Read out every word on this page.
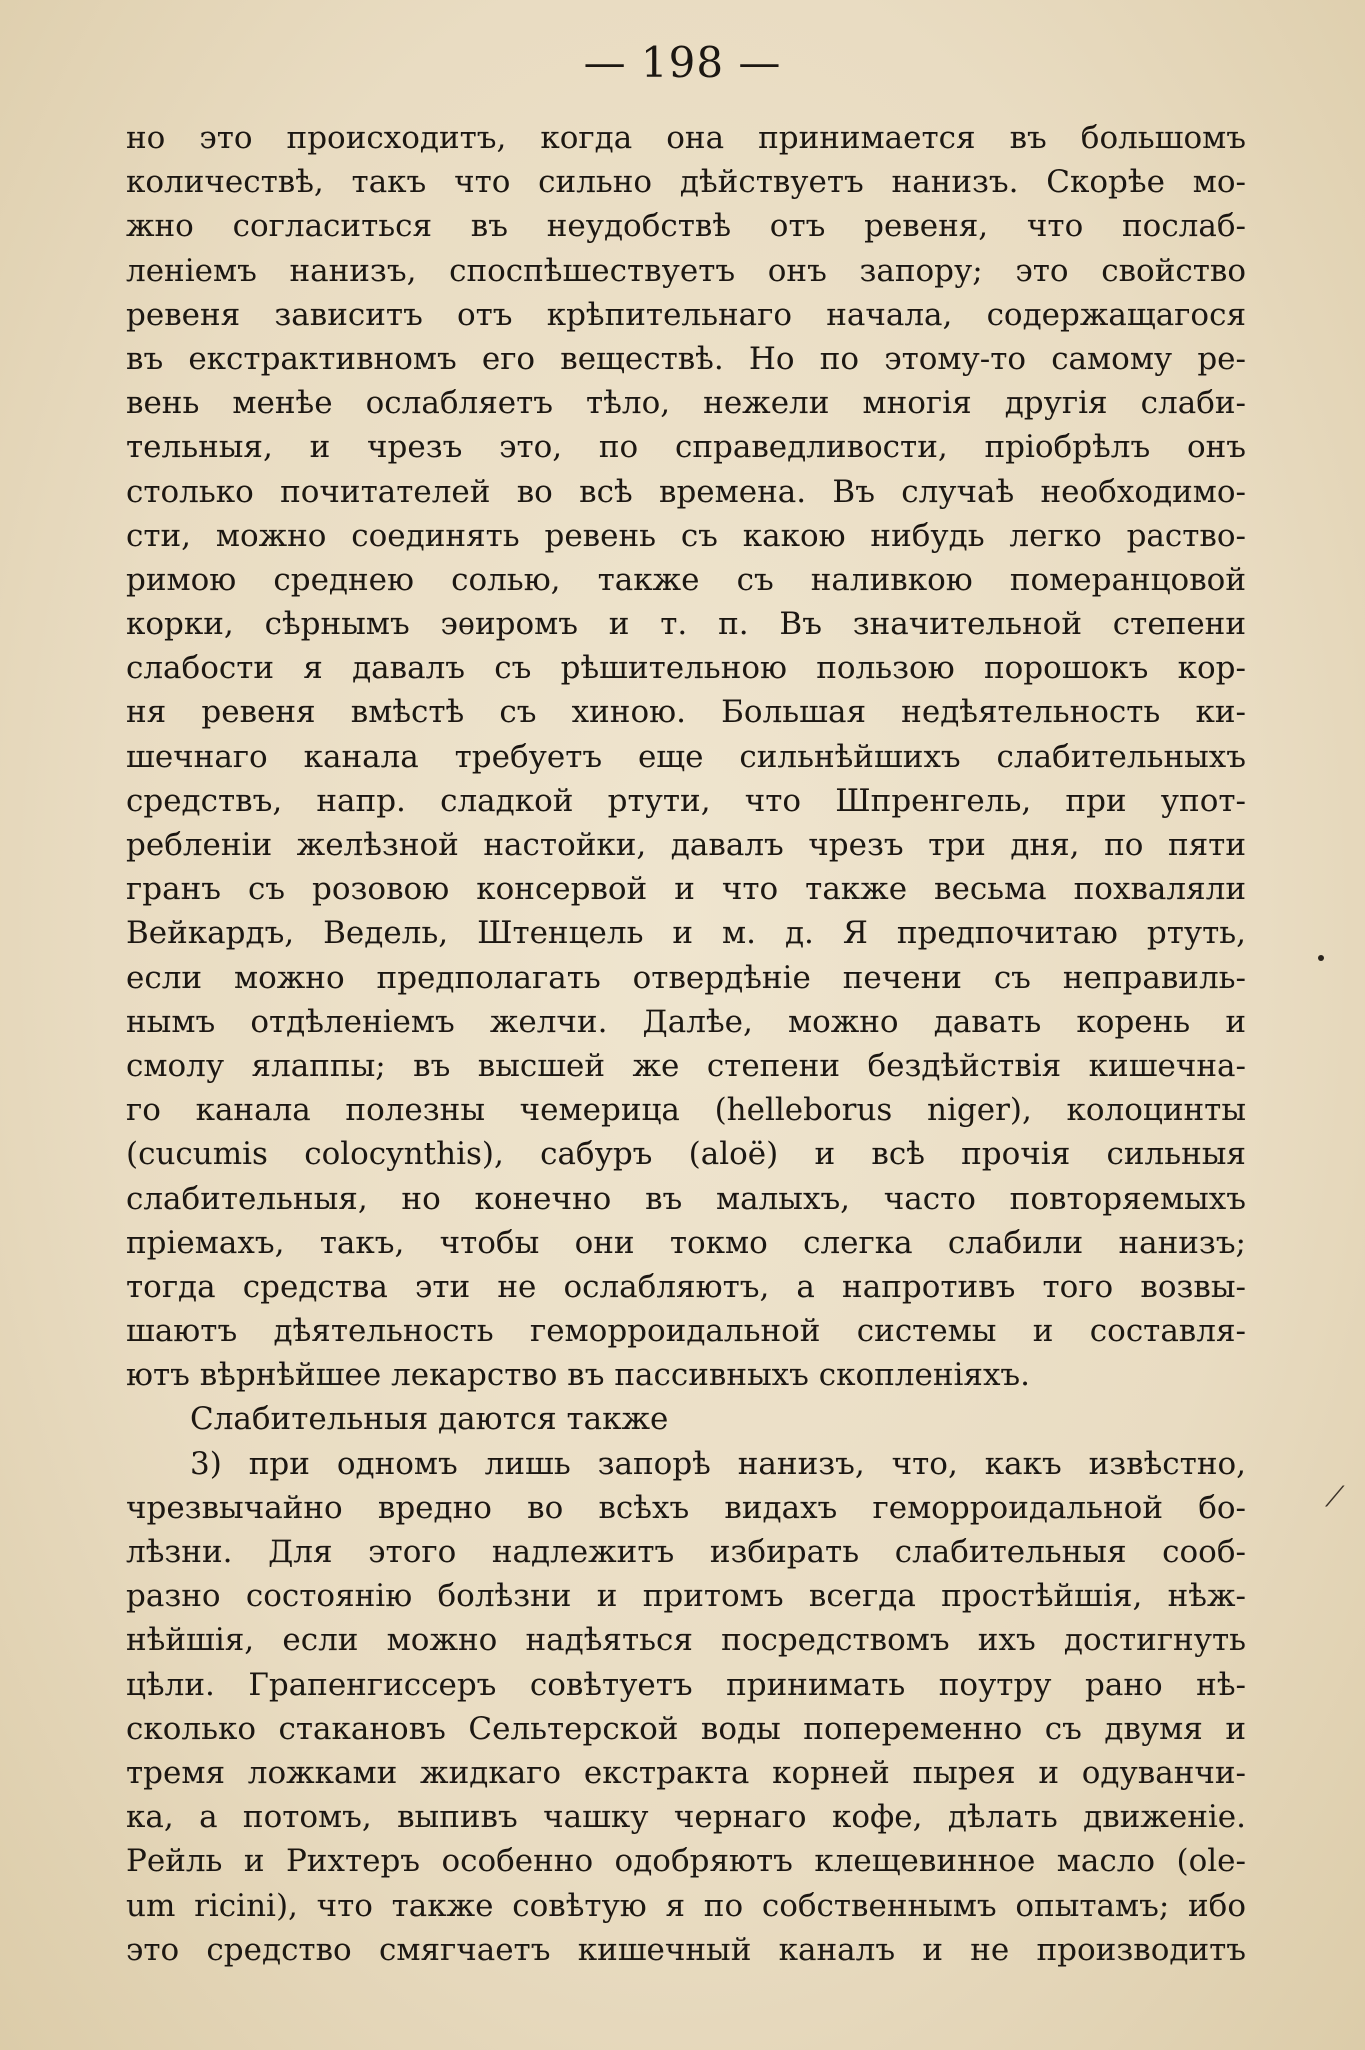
— 198 —
но это происходитъ, когда она принимается въ большомъ
количествѣ, такъ что сильно дѣйствуетъ нанизъ. Скорѣе мо-
жно согласиться въ неудобствѣ отъ ревеня, что послаб-
леніемъ нанизъ, споспѣшествуетъ онъ запору; это свойство
ревеня зависитъ отъ крѣпительнаго начала, содержащагося
въ екстрактивномъ его веществѣ. Но по этому-то самому ре-
вень менѣе ослабляетъ тѣло, нежели многія другія слаби-
тельныя, и чрезъ это, по справедливости, пріобрѣлъ онъ
столько почитателей во всѣ времена. Въ случаѣ необходимо-
сти, можно соединять ревень съ какою нибудь легко раство-
римою среднею солью, также съ наливкою померанцовой
корки, сѣрнымъ эѳиромъ и т. п. Въ значительной степени
слабости я давалъ съ рѣшительною пользою порошокъ кор-
ня ревеня вмѣстѣ съ хиною. Большая недѣятельность ки-
шечнаго канала требуетъ еще сильнѣйшихъ слабительныхъ
средствъ, напр. сладкой ртути, что Шпренгель, при упот-
ребленіи желѣзной настойки, давалъ чрезъ три дня, по пяти
гранъ съ розовою консервой и что также весьма похваляли
Вейкардъ, Ведель, Штенцель и м. д. Я предпочитаю ртуть,
если можно предполагать отвердѣніе печени съ неправиль-
нымъ отдѣленіемъ желчи. Далѣе, можно давать корень и
смолу ялаппы; въ высшей же степени бездѣйствія кишечна-
го канала полезны чемерица (helleborus niger), колоцинты
(cucumis colocynthis), сабуръ (aloë) и всѣ прочія сильныя
слабительныя, но конечно въ малыхъ, часто повторяемыхъ
пріемахъ, такъ, чтобы они токмо слегка слабили нанизъ;
тогда средства эти не ослабляютъ, а напротивъ того возвы-
шаютъ дѣятельность геморроидальной системы и составля-
ютъ вѣрнѣйшее лекарство въ пассивныхъ скопленіяхъ.
Слабительныя даются также
3) при одномъ лишь запорѣ нанизъ, что, какъ извѣстно,
чрезвычайно вредно во всѣхъ видахъ геморроидальной бо-
лѣзни. Для этого надлежитъ избирать слабительныя сооб-
разно состоянію болѣзни и притомъ всегда простѣйшія, нѣж-
нѣйшія, если можно надѣяться посредствомъ ихъ достигнуть
цѣли. Грапенгиссеръ совѣтуетъ принимать поутру рано нѣ-
сколько стакановъ Сельтерской воды попеременно съ двумя и
тремя ложками жидкаго екстракта корней пырея и одуванчи-
ка, а потомъ, выпивъ чашку чернаго кофе, дѣлать движеніе.
Рейль и Рихтеръ особенно одобряютъ клещевинное масло (ole-
um ricini), что также совѣтую я по собственнымъ опытамъ; ибо
это средство смягчаетъ кишечный каналъ и не производитъ
⟋
